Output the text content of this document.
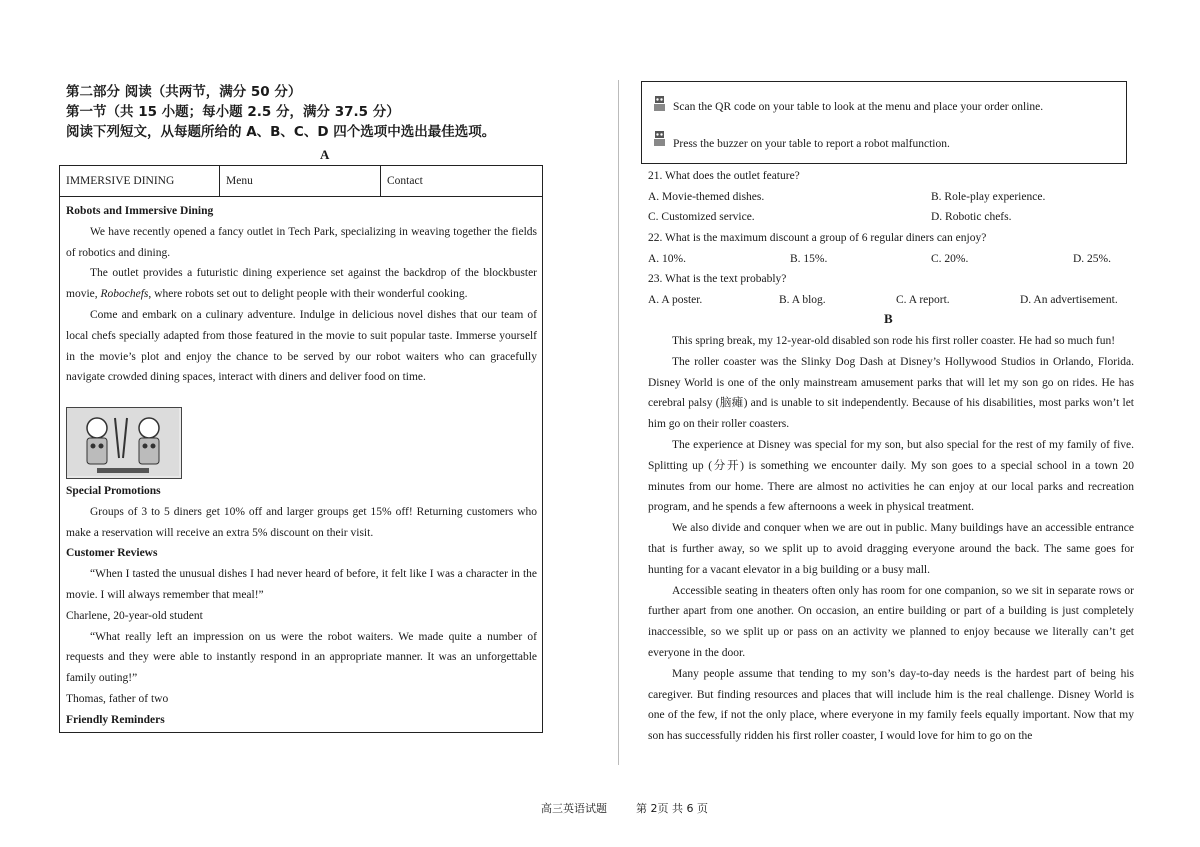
第二部分 阅读（共两节，满分 50 分）
第一节（共 15 小题；每小题 2.5 分，满分 37.5 分）
阅读下列短文，从每题所给的 A、B、C、D 四个选项中选出最佳选项。
A
IMMERSIVE DINING	Menu	Contact
Robots and Immersive Dining

We have recently opened a fancy outlet in Tech Park, specializing in weaving together the fields of robotics and dining.

The outlet provides a futuristic dining experience set against the backdrop of the blockbuster movie, Robochefs, where robots set out to delight people with their wonderful cooking.

Come and embark on a culinary adventure. Indulge in delicious novel dishes that our team of local chefs specially adapted from those featured in the movie to suit popular taste. Immerse yourself in the movie’s plot and enjoy the chance to be served by our robot waiters who can gracefully navigate crowded dining spaces, interact with diners and deliver food on time.

Special Promotions

Groups of 3 to 5 diners get 10% off and larger groups get 15% off! Returning customers who make a reservation will receive an extra 5% discount on their visit.

Customer Reviews

“When I tasted the unusual dishes I had never heard of before, it felt like I was a character in the movie. I will always remember that meal!”

Charlene, 20-year-old student

“What really left an impression on us were the robot waiters. We made quite a number of requests and they were able to instantly respond in an appropriate manner. It was an unforgettable family outing!”

Thomas, father of two

Friendly Reminders
Scan the QR code on your table to look at the menu and place your order online.
Press the buzzer on your table to report a robot malfunction.
21. What does the outlet feature?
A. Movie-themed dishes.	B. Role-play experience.
C. Customized service.	D. Robotic chefs.
22. What is the maximum discount a group of 6 regular diners can enjoy?
A. 10%.	B. 15%.	C. 20%.	D. 25%.
23. What is the text probably?
A. A poster.	B. A blog.	C. A report.	D. An advertisement.
B

This spring break, my 12-year-old disabled son rode his first roller coaster. He had so much fun!

The roller coaster was the Slinky Dog Dash at Disney’s Hollywood Studios in Orlando, Florida. Disney World is one of the only mainstream amusement parks that will let my son go on rides. He has cerebral palsy (脑瘫) and is unable to sit independently. Because of his disabilities, most parks won’t let him go on their roller coasters.

The experience at Disney was special for my son, but also special for the rest of my family of five. Splitting up (分开) is something we encounter daily. My son goes to a special school in a town 20 minutes from our home. There are almost no activities he can enjoy at our local parks and recreation program, and he spends a few afternoons a week in physical treatment.

We also divide and conquer when we are out in public. Many buildings have an accessible entrance that is further away, so we split up to avoid dragging everyone around the back. The same goes for hunting for a vacant elevator in a big building or a busy mall.

Accessible seating in theaters often only has room for one companion, so we sit in separate rows or further apart from one another. On occasion, an entire building or part of a building is just completely inaccessible, so we split up or pass on an activity we planned to enjoy because we literally can’t get everyone in the door.

Many people assume that tending to my son’s day-to-day needs is the hardest part of being his caregiver. But finding resources and places that will include him is the real challenge. Disney World is one of the few, if not the only place, where everyone in my family feels equally important. Now that my son has successfully ridden his first roller coaster, I would love for him to go on the

高三英语试题	第 2页 共 6 页
